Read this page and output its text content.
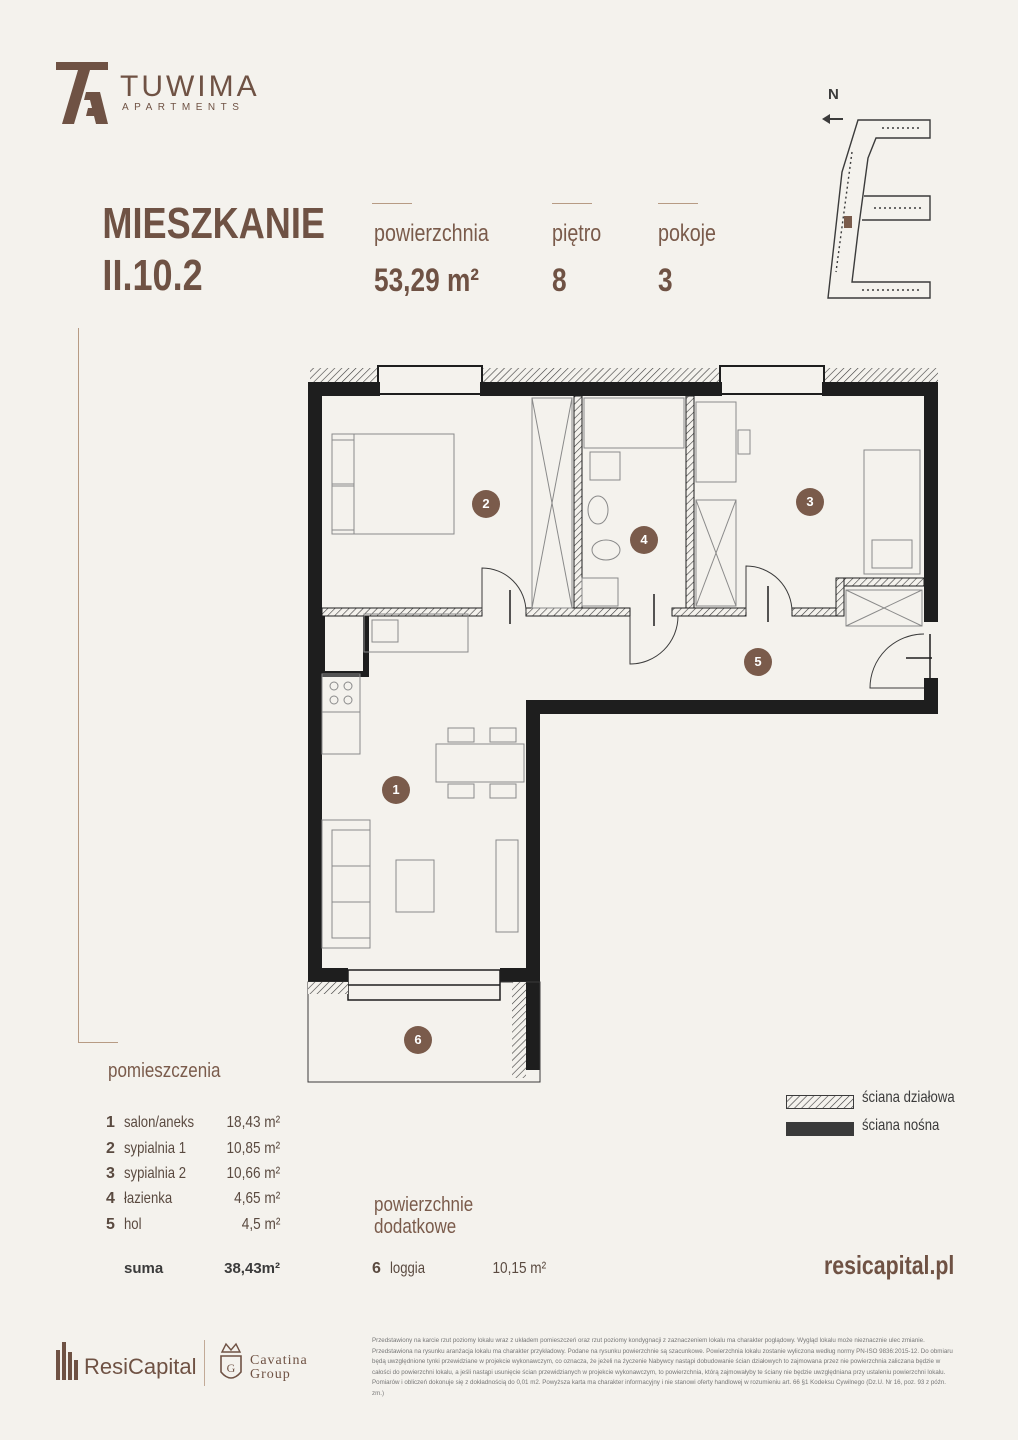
TUWIMA
APARTMENTS
MIESZKANIE
II.10.2
powierzchnia
53,29 m²
piętro
8
pokoje
3
N
1
2	3
4
5
6
pomieszczenia
1 salon/aneks 18,43 m²
2 sypialnia 1	10,85 m²
3 sypialnia 2	10,66 m²
4 łazienka	4,65 m²
5 hol	4,5 m²
suma	38,43m²
powierzchnie dodatkowe
6 loggia	10,15 m²
ściana działowa
ściana nośna
resicapital.pl
ResiCapital	G Cavatina
Group
Przedstawiony na karcie rzut poziomy lokalu wraz z układem pomieszczeń oraz rzut poziomy kondygnacji z zaznaczeniem lokalu ma charakter poglądowy. Wygląd lokalu może nieznacznie ulec zmianie. Przedstawiona na rysunku aranżacja lokalu ma charakter przykładowy. Podane na rysunku powierzchnie są szacunkowe. Powierzchnia lokalu zostanie wyliczona według normy PN-ISO 9836:2015-12. Do obmiaru będą uwzględnione tynki przewidziane w projekcie wykonawczym, co oznacza, że jeżeli na życzenie Nabywcy nastąpi dobudowanie ścian działowych to zajmowana przez nie powierzchnia zaliczana będzie w całości do powierzchni lokalu, a jeśli nastąpi usunięcie ścian przewidzianych w projekcie wykonawczym, to powierzchnia, którą zajmowałyby te ściany nie będzie uwzględniana przy ustaleniu powierzchni lokalu. Pomiarów i obliczeń dokonuje się z dokładnością do 0,01 m2. Powyższa karta ma charakter informacyjny i nie stanowi oferty handlowej w rozumieniu art. 66 §1 Kodeksu Cywilnego (Dz.U. Nr 16, poz. 93 z późn. zm.)
